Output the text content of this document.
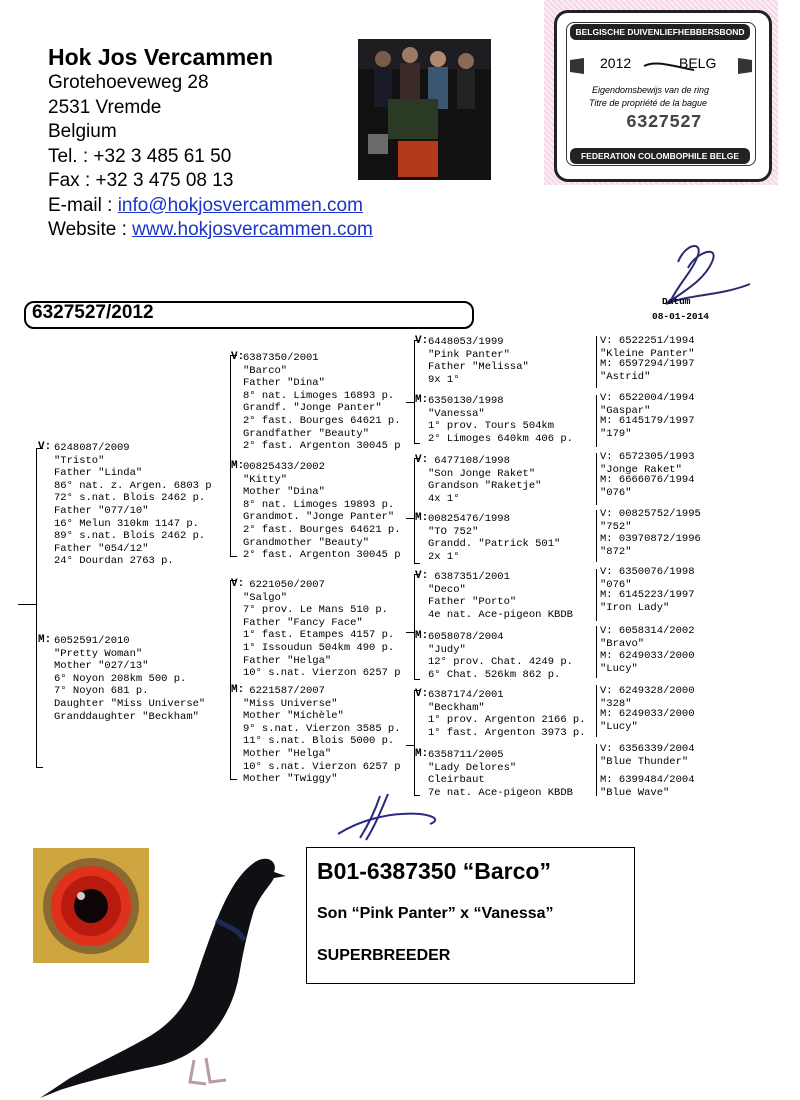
Hok Jos Vercammen
Grotehoeveweg 28
2531 Vremde
Belgium
Tel. : +32 3 485 61 50
Fax : +32 3 475 08 13
E-mail : info@hokjosvercammen.com
Website : www.hokjosvercammen.com
BELGISCHE DUIVENLIEFHEBBERSBOND
2012	BELG
Eigendomsbewijs van de ring
Titre de propriété de la bague
6327527
FEDERATION COLOMBOPHILE BELGE
Datum
08-01-2014
6327527/2012
V: 6248087/2009
"Tristo"
Father "Linda"
86° nat. z. Argen. 6803 p
72° s.nat. Blois 2462 p.
Father "077/10"
16° Melun 310km 1147 p.
89° s.nat. Blois 2462 p.
Father "054/12"
24° Dourdan 2763 p.
M: 6052591/2010
"Pretty Woman"
Mother "027/13"
6° Noyon 208km 500 p.
7° Noyon 681 p.
Daughter "Miss Universe"
Granddaughter "Beckham"
V:
6387350/2001
"Barco"
Father "Dina"
8° nat. Limoges 16893 p.
Grandf. "Jonge Panter"
2° fast. Bourges 64621 p.
Grandfather "Beauty"
2° fast. Argenton 30045 p
M:
00825433/2002
"Kitty"
Mother "Dina"
8° nat. Limoges 19893 p.
Grandmot. "Jonge Panter"
2° fast. Bourges 64621 p.
Grandmother "Beauty"
2° fast. Argenton 30045 p
V:
6221050/2007
"Salgo"
7° prov. Le Mans 510 p.
Father "Fancy Face"
1° fast. Etampes 4157 p.
1° Issoudun 504km 490 p.
Father "Helga"
10° s.nat. Vierzon 6257 p
M:
6221587/2007
"Miss Universe"
Mother "Michèle"
9° s.nat. Vierzon 3585 p.
11° s.nat. Blois 5000 p.
Mother "Helga"
10° s.nat. Vierzon 6257 p
Mother "Twiggy"
V: 6448053/1999
"Pink Panter"
Father "Melissa"
9x 1°
M: 6350130/1998
"Vanessa"
1° prov. Tours 504km
2° Limoges 640km 406 p.
V: 6477108/1998
"Son Jonge Raket"
Grandson "Raketje"
4x 1°
M: 00825476/1998
"TO 752"
Grandd. "Patrick 501"
2x 1°
V: 6387351/2001
"Deco"
Father "Porto"
4e nat. Ace-pigeon KBDB
M: 6058078/2004
"Judy"
12° prov. Chat. 4249 p.
6° Chat. 526km 862 p.
V: 6387174/2001
"Beckham"
1° prov. Argenton 2166 p.
1° fast. Argenton 3973 p.
M: 6358711/2005
"Lady Delores"
Cleirbaut
7e nat. Ace-pigeon KBDB
V: 6522251/1994
"Kleine Panter"
M: 6597294/1997
"Astrid"
V: 6522004/1994
"Gaspar"
M: 6145179/1997
"179"
V: 6572305/1993
"Jonge Raket"
M: 6666076/1994
"076"
V: 00825752/1995
"752"
M: 03970872/1996
"872"
V: 6350076/1998
"076"
M: 6145223/1997
"Iron Lady"
V: 6058314/2002
"Bravo"
M: 6249033/2000
"Lucy"
V: 6249328/2000
"328"
M: 6249033/2000
"Lucy"
V: 6356339/2004
"Blue Thunder"
M: 6399484/2004
"Blue Wave"
B01-6387350 “Barco”
Son “Pink Panter” x “Vanessa”
SUPERBREEDER
